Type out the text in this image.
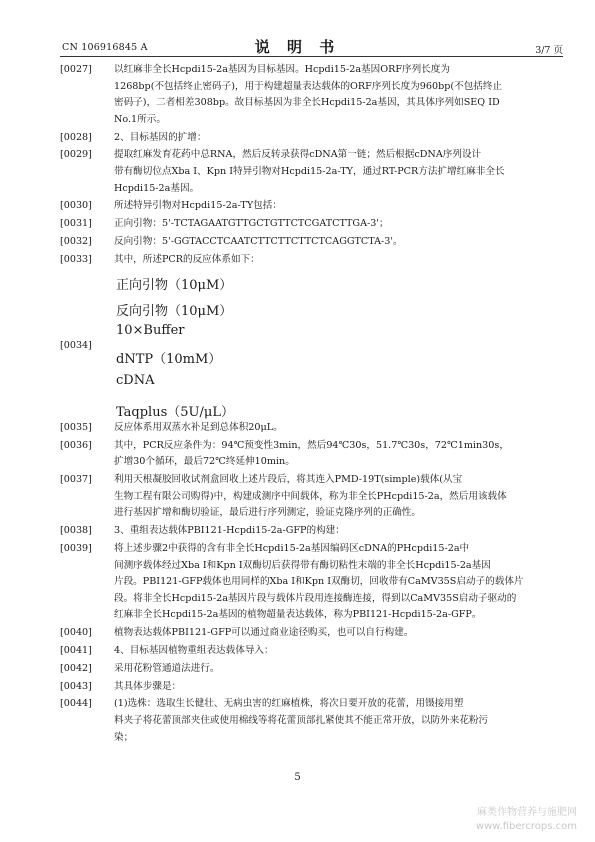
CN 106916845 A	说 明 书	3/7 页
[0034]
正向引物（10μM）
反向引物（10μM）
10×Buffer
dNTP（10mM）
cDNA
Taqplus（5U/μL）
5
麻类作物营养与施肥网
www.fibercrops.com
[0027]	以红麻非全长Hcpdi15-2a基因为目标基因。Hcpdi15-2a基因ORF序列长度为
1268bp(不包括终止密码子)，用于构建超量表达载体的ORF序列长度为960bp(不包括终止
密码子)，二者相差308bp。故目标基因为非全长Hcpdi15-2a基因，其具体序列如SEQ ID
No.1所示。
[0028]	2、目标基因的扩增：
[0029]	提取红麻发育花药中总RNA，然后反转录获得cDNA第一链；然后根据cDNA序列设计
带有酶切位点Xba I、Kpn I特异引物对Hcpdi15-2a-TY，通过RT-PCR方法扩增红麻非全长
Hcpdi15-2a基因。
[0030]	所述特异引物对Hcpdi15-2a-TY包括：
[0031]	正向引物：5'-TCTAGAATGTTGCTGTTCTCGATCTTGA-3'；
[0032]	反向引物：5'-GGTACCTCAATCTTCTTCTTCTCAGGTCTA-3'。
[0033]	其中，所述PCR的反应体系如下：
[0035]	反应体系用双蒸水补足到总体积20μL。
[0036]	其中，PCR反应条件为：94℃预变性3min，然后94℃30s，51.7℃30s，72℃1min30s，
扩增30个循环，最后72℃终延伸10min。
[0037]	利用天根凝胶回收试剂盒回收上述片段后，将其连入PMD-19T(simple)载体(从宝
生物工程有限公司购得)中，构建成测序中间载体，称为非全长PHcpdi15-2a，然后用该载体
进行基因扩增和酶切验证，最后进行序列测定，验证克隆序列的正确性。
[0038]	3、重组表达载体PBI121-Hcpdi15-2a-GFP的构建：
[0039]	将上述步骤2中获得的含有非全长Hcpdi15-2a基因编码区cDNA的PHcpdi15-2a中
间测序载体经过Xba I和Kpn I双酶切后获得带有酶切粘性末端的非全长Hcpdi15-2a基因
片段。PBI121-GFP载体也用同样的Xba I和Kpn I双酶切，回收带有CaMV35S启动子的载体片
段。将非全长Hcpdi15-2a基因片段与载体片段用连接酶连接，得到以CaMV35S启动子驱动的
红麻非全长Hcpdi15-2a基因的植物超量表达载体，称为PBI121-Hcpdi15-2a-GFP。
[0040]	植物表达载体PBI121-GFP可以通过商业途径购买，也可以自行构建。
[0041]	4、目标基因植物重组表达载体导入：
[0042]	采用花粉管通道法进行。
[0043]	其具体步骤是：
[0044]	(1)选株：选取生长健壮、无病虫害的红麻植株，将次日要开放的花蕾，用镊接用塑
料夹子将花蕾顶部夹住或使用棉线等将花蕾顶部扎紧使其不能正常开放，以防外来花粉污
染；
